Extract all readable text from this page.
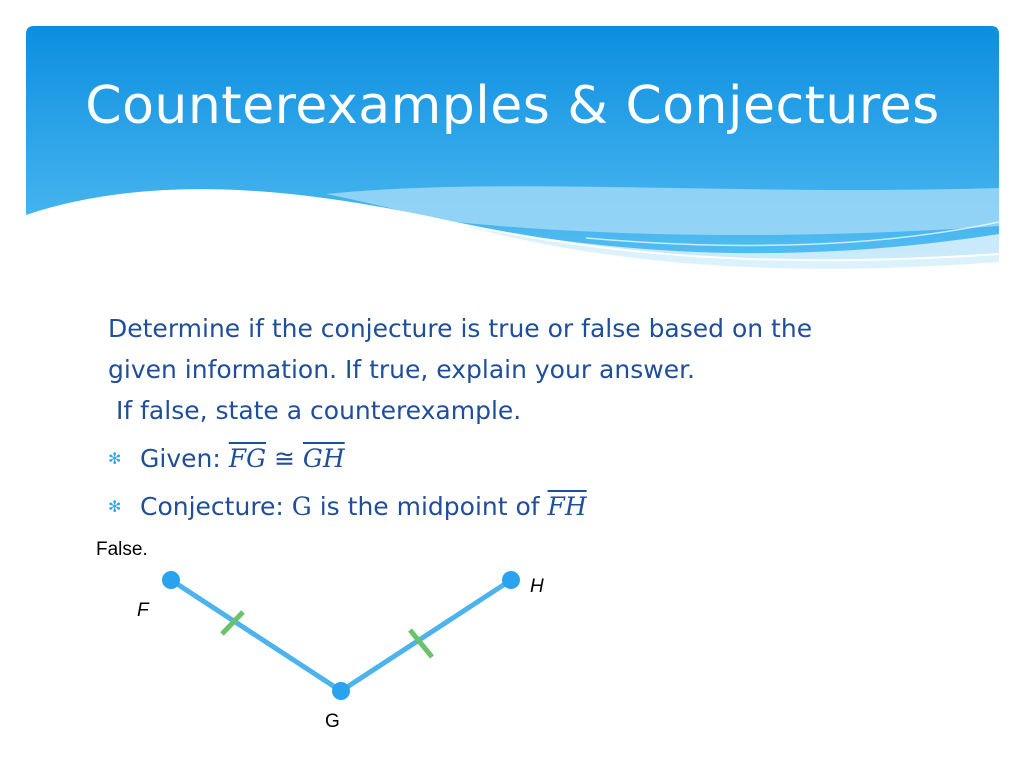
Counterexamples & Conjectures

Determine if the conjecture is true or false based on the

given information. If true, explain your answer.

If false, state a counterexample.

✻ Given: $\overline{FG}$ ≅ $\overline{GH}$
✻ Conjecture: G is the midpoint of $\overline{FH}$
False.
F
G
H
